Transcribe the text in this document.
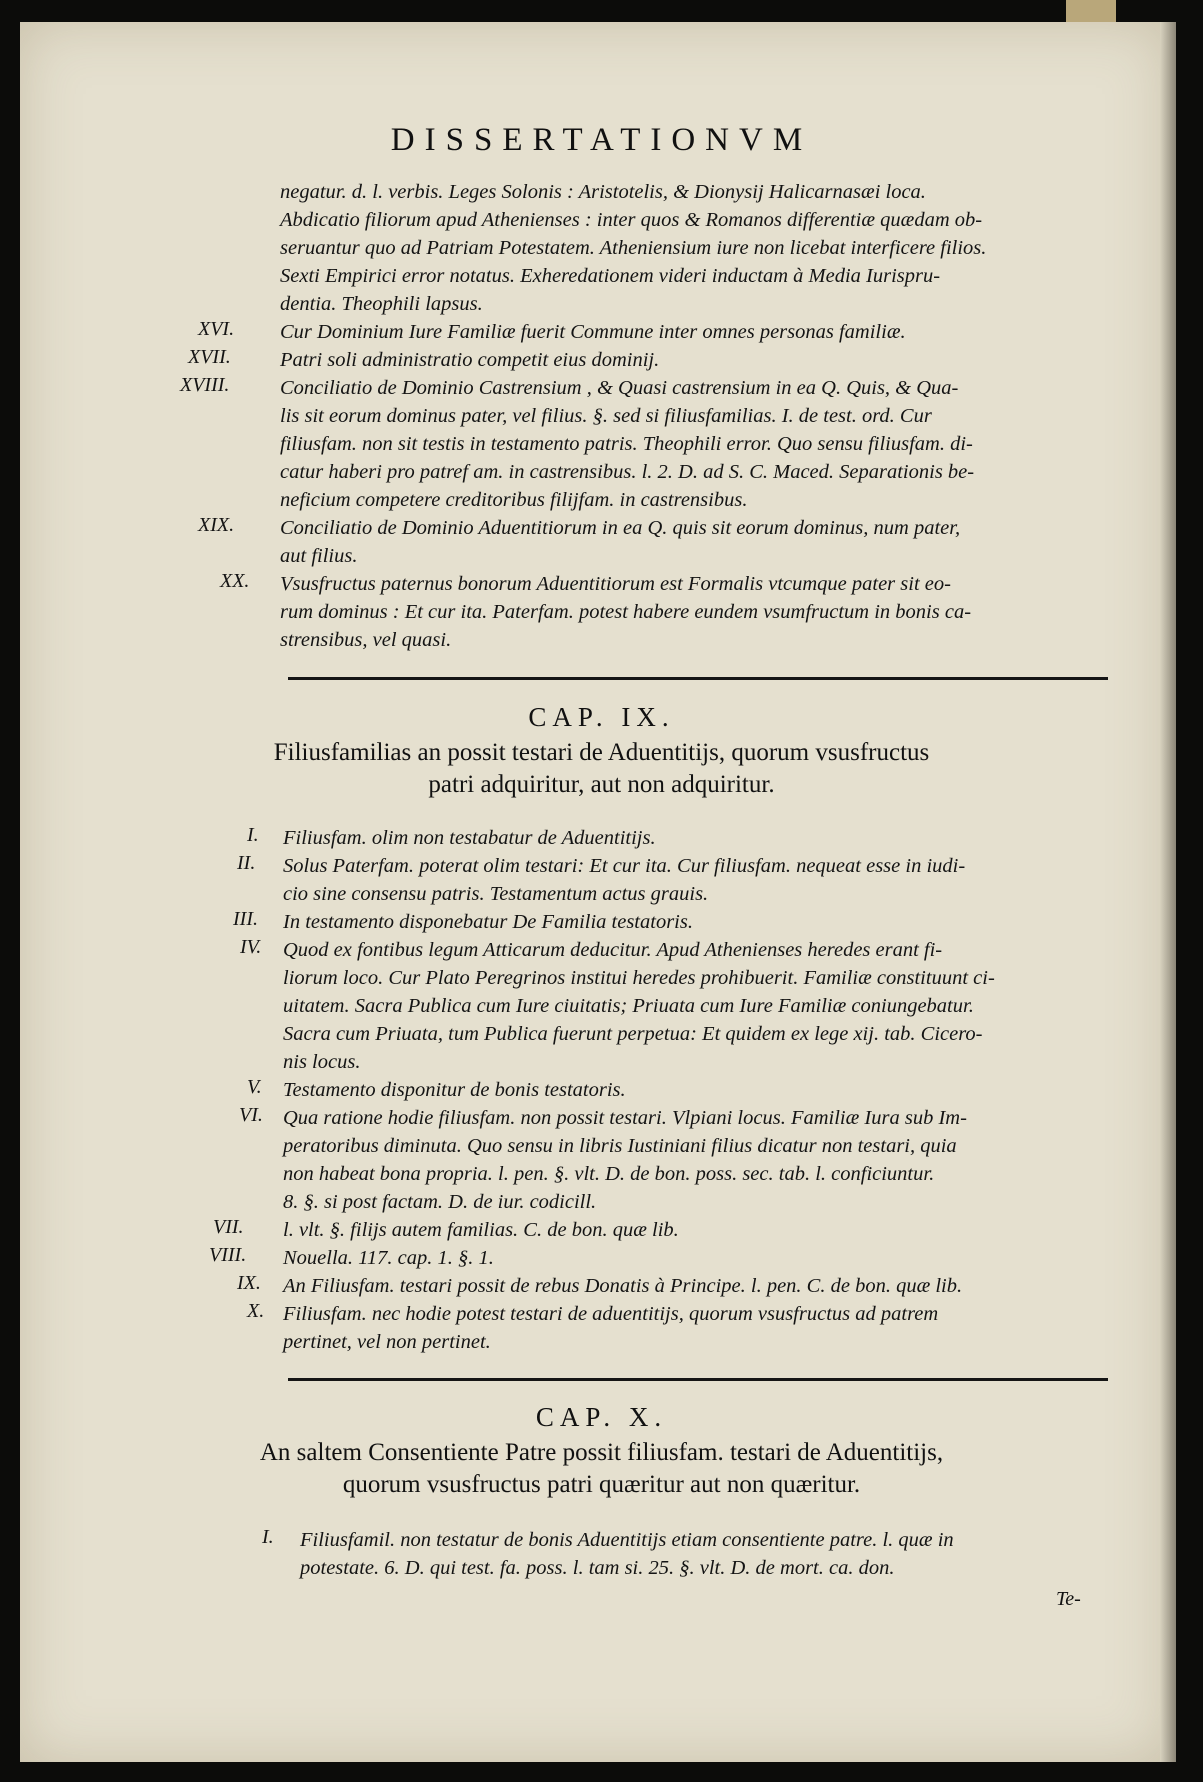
DISSERTATIONVM
negatur. d. l. verbis. Leges Solonis : Aristotelis, & Dionysij Halicarnasæi loca.
Abdicatio filiorum apud Athenienses : inter quos & Romanos differentiæ quædam ob-
seruantur quo ad Patriam Potestatem. Atheniensium iure non licebat interficere filios.
Sexti Empirici error notatus. Exheredationem videri inductam à Media Iurispru-
dentia. Theophili lapsus.
XVI. Cur Dominium Iure Familiæ fuerit Commune inter omnes personas familiæ.
XVII. Patri soli administratio competit eius dominij.
XVIII. Conciliatio de Dominio Castrensium , & Quasi castrensium in ea Q. Quis, & Qua-
lis sit eorum dominus pater, vel filius. §. sed si filiusfamilias. I. de test. ord. Cur
filiusfam. non sit testis in testamento patris. Theophili error. Quo sensu filiusfam. di-
catur haberi pro patref am. in castrensibus. l. 2. D. ad S. C. Maced. Separationis be-
neficium competere creditoribus filijfam. in castrensibus.
XIX. Conciliatio de Dominio Aduentitiorum in ea Q. quis sit eorum dominus, num pater,
aut filius.
XX. Vsusfructus paternus bonorum Aduentitiorum est Formalis vtcumque pater sit eo-
rum dominus : Et cur ita. Paterfam. potest habere eundem vsumfructum in bonis ca-
strensibus, vel quasi.
CAP. IX.
Filiusfamilias an possit testari de Aduentitijs, quorum vsusfructus
patri adquiritur, aut non adquiritur.
I. Filiusfam. olim non testabatur de Aduentitijs.
II. Solus Paterfam. poterat olim testari: Et cur ita. Cur filiusfam. nequeat esse in iudi-
cio sine consensu patris. Testamentum actus grauis.
III. In testamento disponebatur De Familia testatoris.
IV. Quod ex fontibus legum Atticarum deducitur. Apud Athenienses heredes erant fi-
liorum loco. Cur Plato Peregrinos institui heredes prohibuerit. Familiæ constituunt ci-
uitatem. Sacra Publica cum Iure ciuitatis; Priuata cum Iure Familiæ coniungebatur.
Sacra cum Priuata, tum Publica fuerunt perpetua: Et quidem ex lege xij. tab. Cicero-
nis locus.
V. Testamento disponitur de bonis testatoris.
VI. Qua ratione hodie filiusfam. non possit testari. Vlpiani locus. Familiæ Iura sub Im-
peratoribus diminuta. Quo sensu in libris Iustiniani filius dicatur non testari, quia
non habeat bona propria. l. pen. §. vlt. D. de bon. poss. sec. tab. l. conficiuntur.
8. §. si post factam. D. de iur. codicill.
VII. l. vlt. §. filijs autem familias. C. de bon. quæ lib.
VIII. Nouella. 117. cap. 1. §. 1.
IX. An Filiusfam. testari possit de rebus Donatis à Principe. l. pen. C. de bon. quæ lib.
X. Filiusfam. nec hodie potest testari de aduentitijs, quorum vsusfructus ad patrem
pertinet, vel non pertinet.
CAP. X.
An saltem Consentiente Patre possit filiusfam. testari de Aduentitijs,
quorum vsusfructus patri quæritur aut non quæritur.
I. Filiusfamil. non testatur de bonis Aduentitijs etiam consentiente patre. l. quæ in
potestate. 6. D. qui test. fa. poss. l. tam si. 25. §. vlt. D. de mort. ca. don.
Te-
